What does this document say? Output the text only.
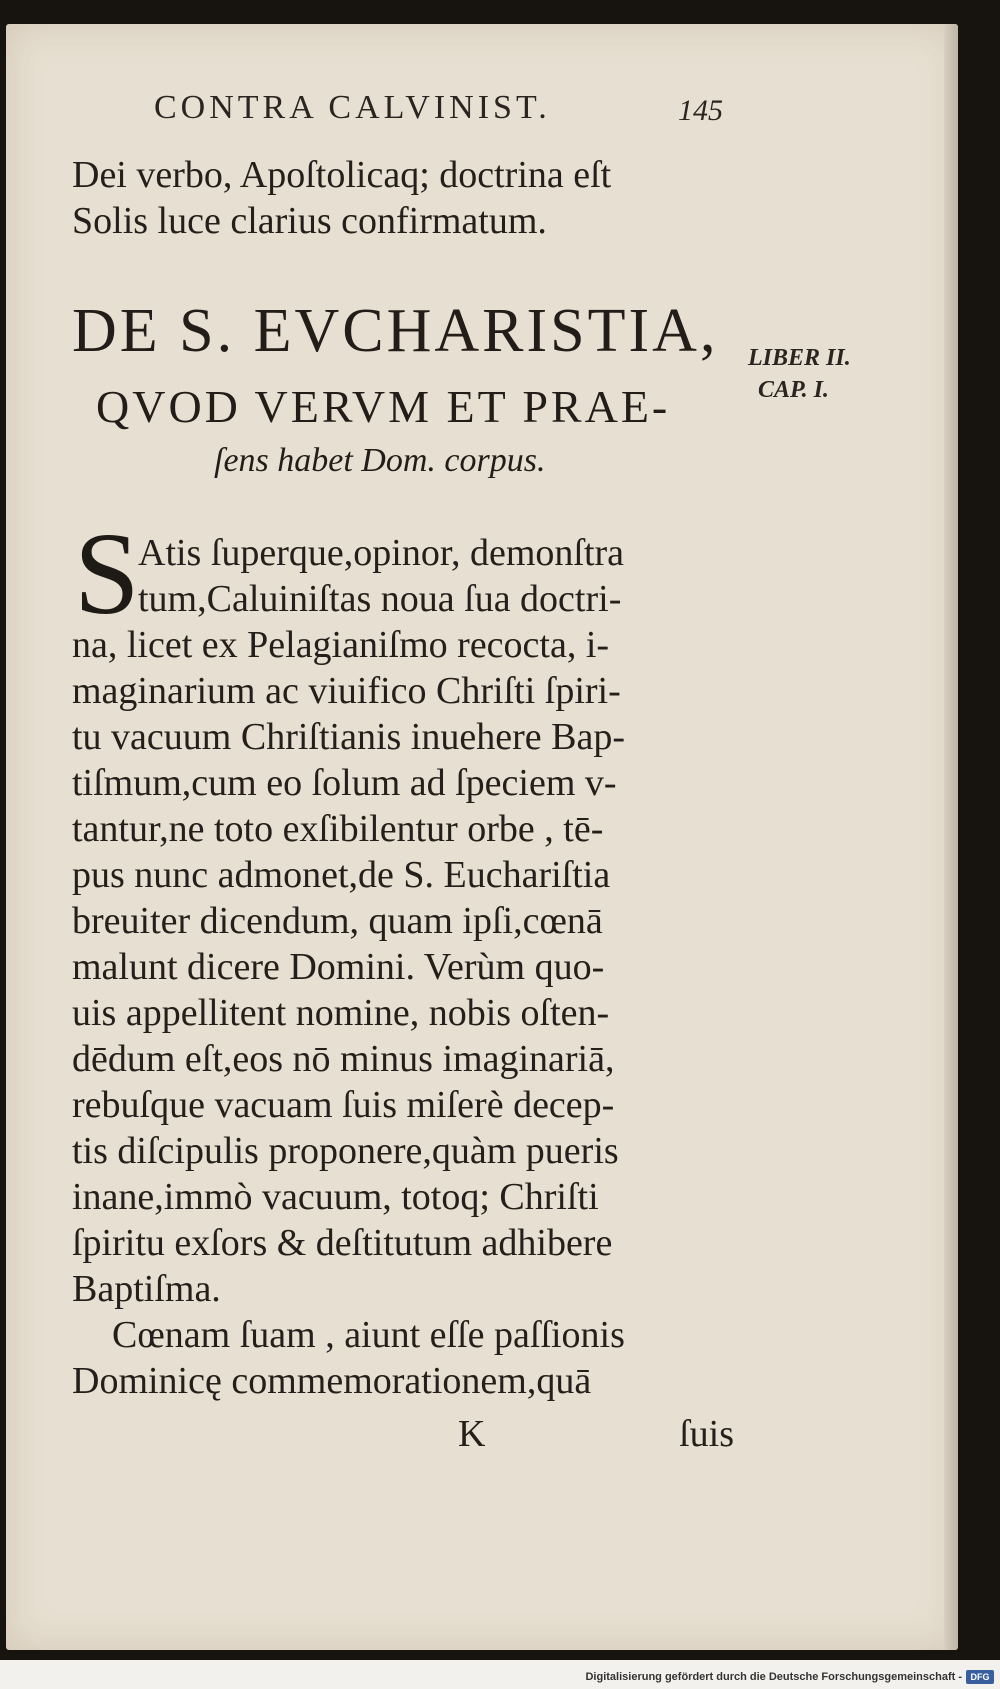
CONTRA CALVINIST.	145
Dei verbo, Apoſtolicaq; doctrina eſt
Solis luce clarius confirmatum.
DE S. EVCHARISTIA,
QVOD VERVM ET PRAE-
ſens habet Dom. corpus.
LIBER II.
CAP. I.
S
Atis ſuperque,opinor, demonſtra
tum,Caluiniſtas noua ſua doctri-
na, licet ex Pelagianiſmo recocta, i-
maginarium ac viuifico Chriſti ſpiri-
tu vacuum Chriſtianis inuehere Bap-
tiſmum,cum eo ſolum ad ſpeciem v-
tantur,ne toto exſibilentur orbe , tē-
pus nunc admonet,de S. Euchariſtia
breuiter dicendum, quam ipſi,cœnā
malunt dicere Domini. Verùm quo-
uis appellitent nomine, nobis oſten-
dēdum eſt,eos nō minus imaginariā,
rebuſque vacuam ſuis miſerè decep-
tis diſcipulis proponere,quàm pueris
inane,immò vacuum, totoq; Chriſti
ſpiritu exſors & deſtitutum adhibere
Baptiſma.
Cœnam ſuam , aiunt eſſe paſſionis
Dominicę commemorationem,quā
K	ſuis
Digitalisierung gefördert durch die Deutsche Forschungsgemeinschaft - DFG
